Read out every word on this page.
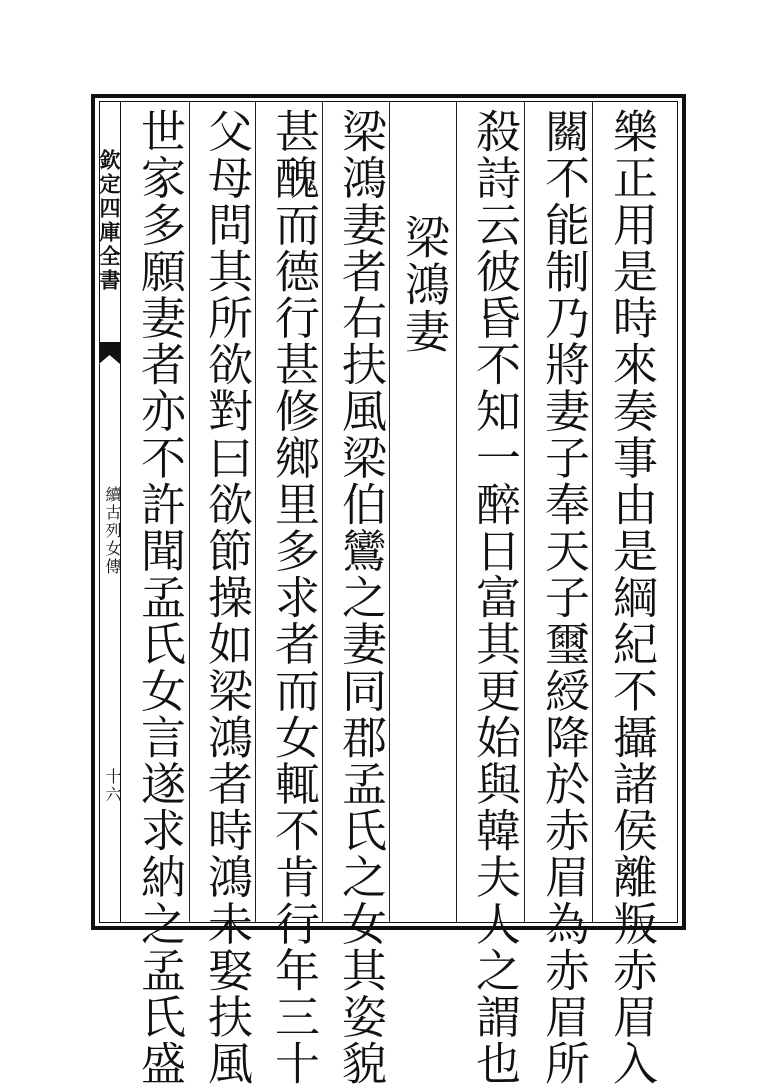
欽定四庫全書
續古列女傳
十六	樂正用是時來奏事由是綱紀不攝諸侯離叛赤眉入
關不能制乃將妻子奉天子璽綬降於赤眉為赤眉所
殺詩云彼昏不知一醉日富其更始與韓夫人之謂也
梁鴻妻
梁鴻妻者右扶風梁伯鸞之妻同郡孟氏之女其姿貌
甚醜而德行甚修鄉里多求者而女輒不肯行年三十
父母問其所欲對曰欲節操如梁鴻者時鴻未娶扶風
世家多願妻者亦不許聞孟氏女言遂求納之孟氏盛
